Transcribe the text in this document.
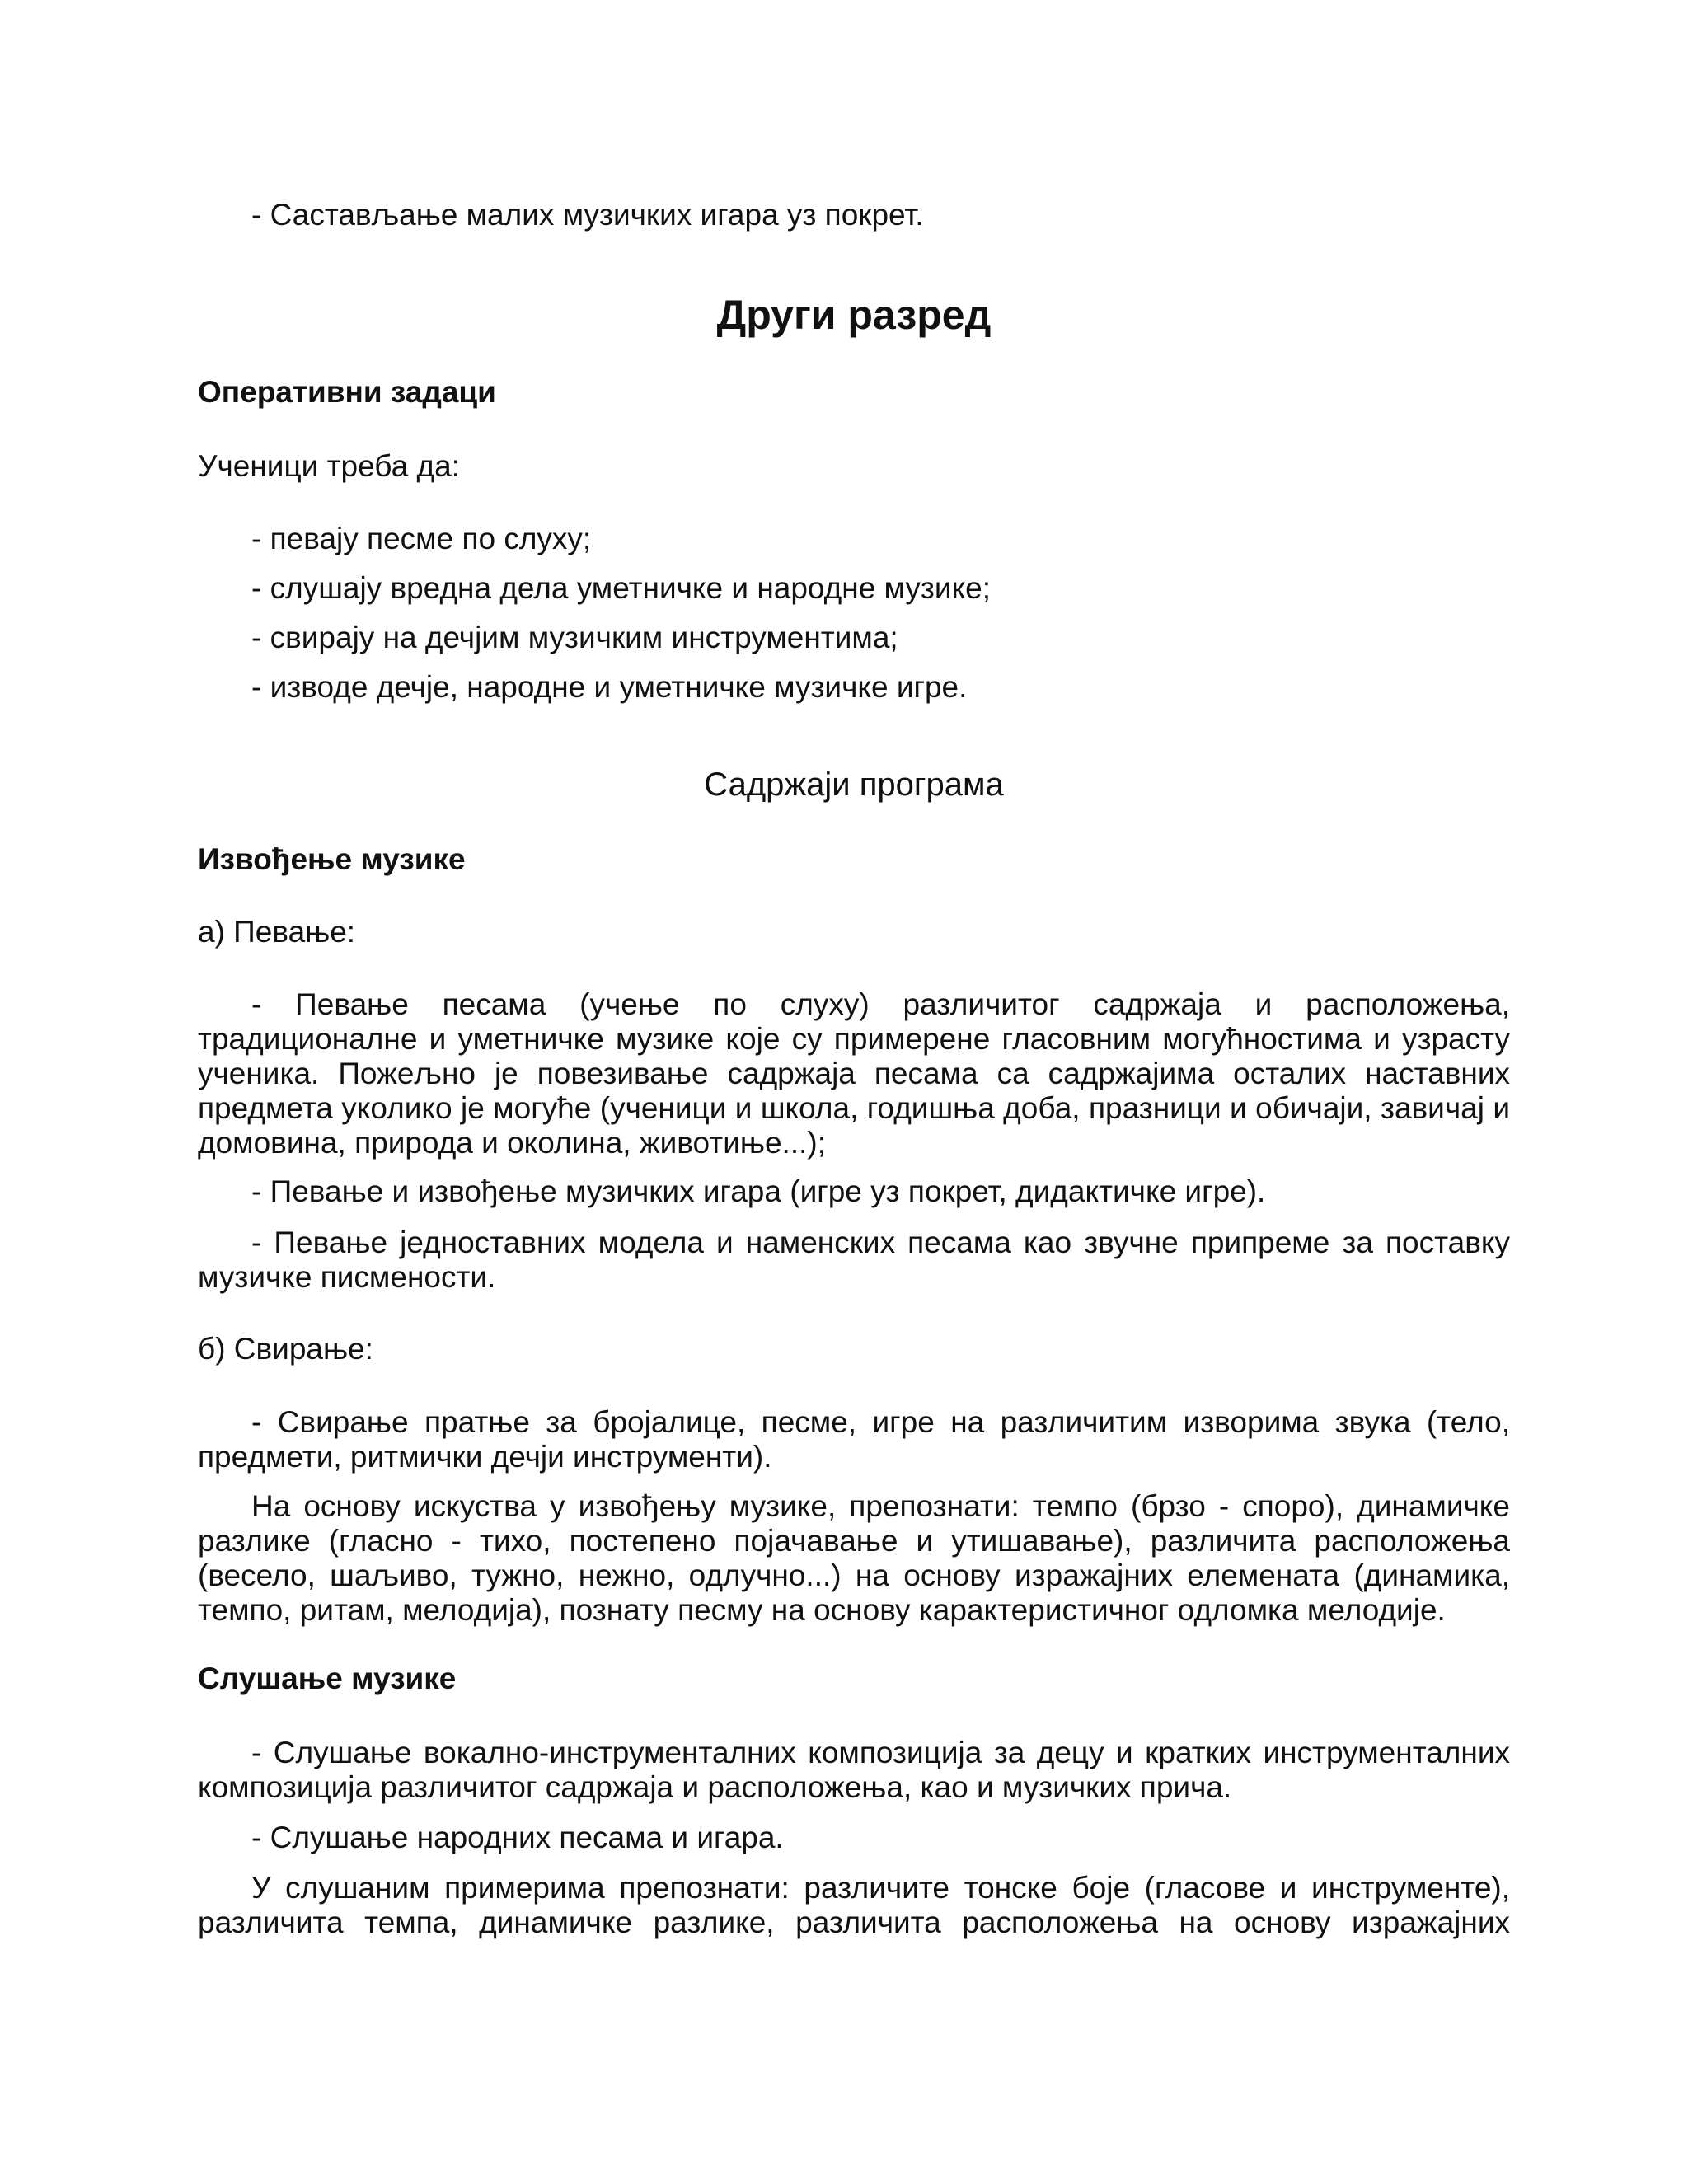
- Састављање малих музичких игара уз покрет.

Други разред

Оперативни задаци

Ученици треба да:

- певају песме по слуху;

- слушају вредна дела уметничке и народне музике;

- свирају на дечјим музичким инструментима;

- изводе дечје, народне и уметничке музичке игре.

Садржаји програма

Извођење музике

а) Певање:

- Певање песама (учење по слуху) различитог садржаја и расположења, традиционалне и уметничке музике које су примерене гласовним могућностима и узрасту ученика. Пожељно је повезивање садржаја песама са садржајима осталих наставних предмета уколико је могуће (ученици и школа, годишња доба, празници и обичаји, завичај и домовина, природа и околина, животиње...);

- Певање и извођење музичких игара (игре уз покрет, дидактичке игре).

- Певање једноставних модела и наменских песама као звучне припреме за поставку музичке писмености.

б) Свирање:

- Свирање пратње за бројалице, песме, игре на различитим изворима звука (тело, предмети, ритмички дечји инструменти).

На основу искуства у извођењу музике, препознати: темпо (брзо - споро), динамичке разлике (гласно - тихо, постепено појачавање и утишавање), различита расположења (весело, шаљиво, тужно, нежно, одлучно...) на основу изражајних елемената (динамика, темпо, ритам, мелодија), познату песму на основу карактеристичног одломка мелодије.

Слушање музике

- Слушање вокално-инструменталних композиција за децу и кратких инструменталних композиција различитог садржаја и расположења, као и музичких прича.

- Слушање народних песама и игара.

У слушаним примерима препознати: различите тонске боје (гласове и инструменте), различита темпа, динамичке разлике, различита расположења на основу изражајних
